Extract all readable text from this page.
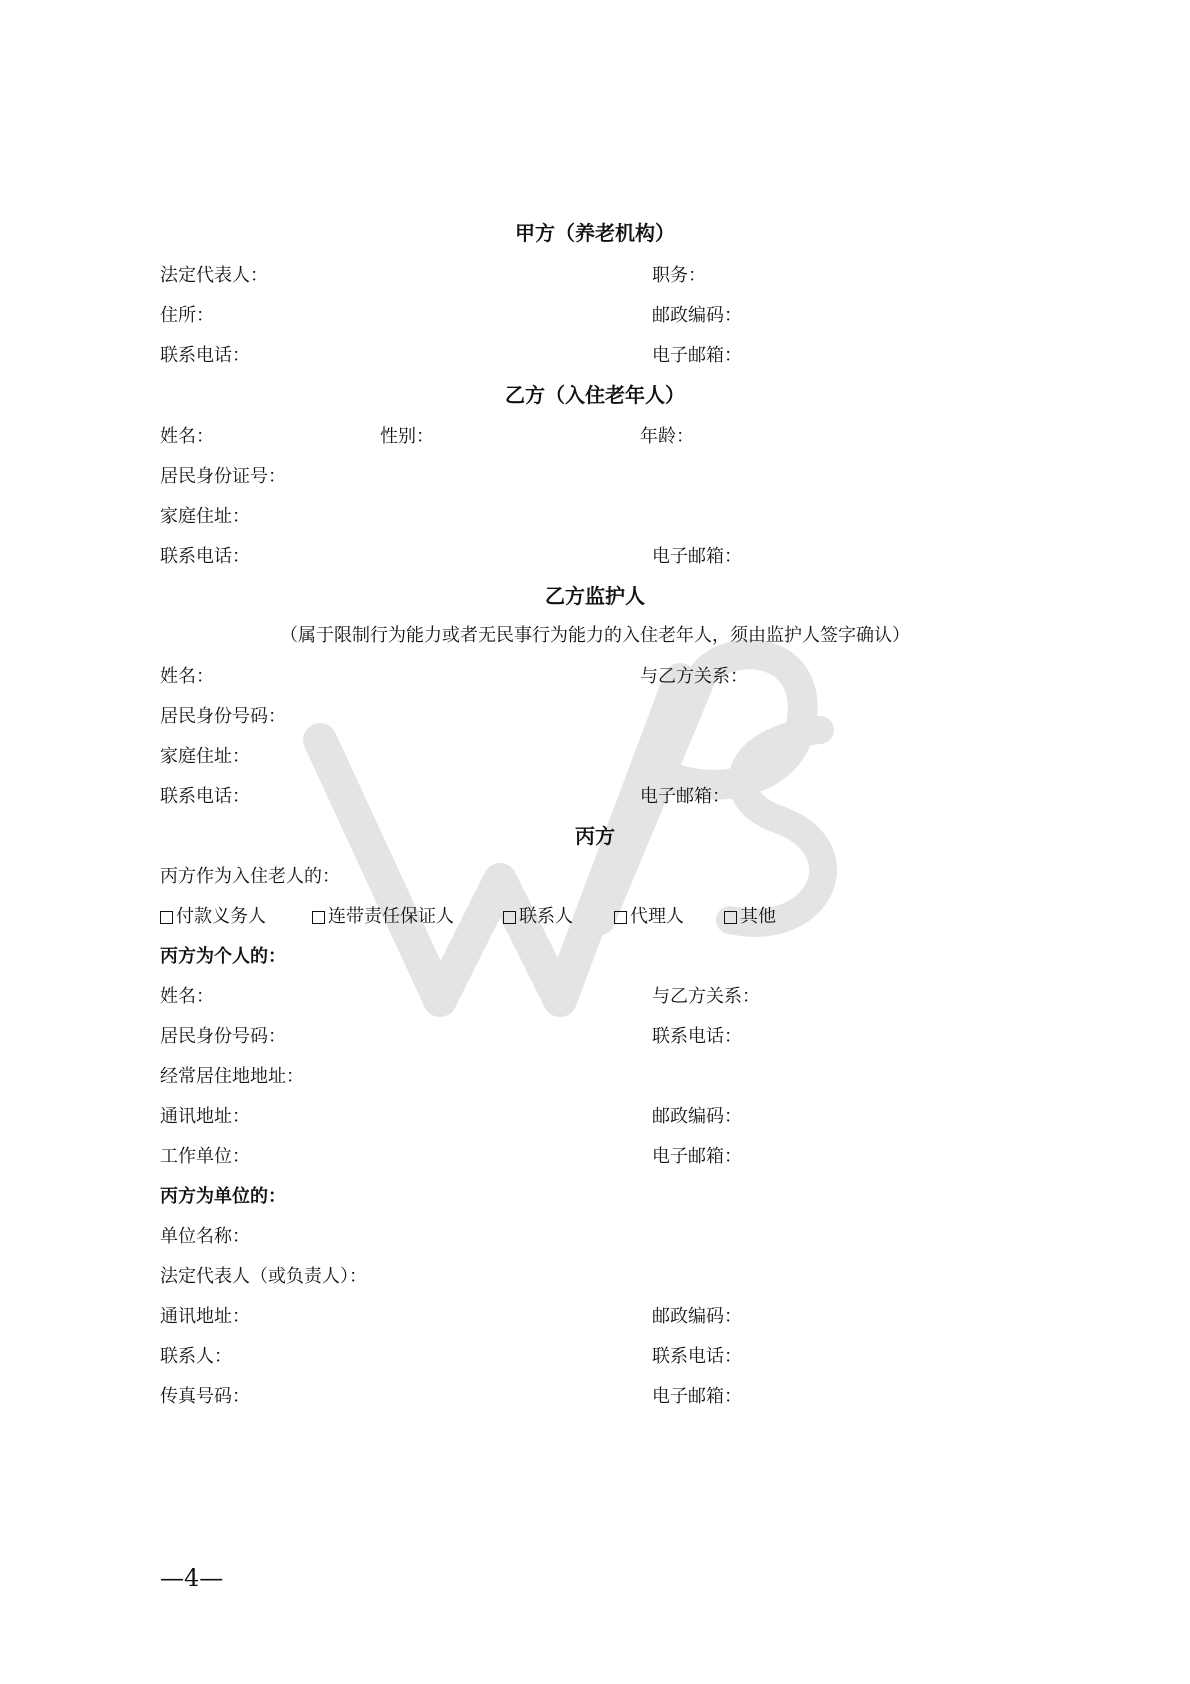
甲方（养老机构）
法定代表人：	职务：
住所：	邮政编码：
联系电话：	电子邮箱：
乙方（入住老年人）
姓名：	性别：	年龄：
居民身份证号：
家庭住址：
联系电话：	电子邮箱：
乙方监护人
（属于限制行为能力或者无民事行为能力的入住老年人，须由监护人签字确认）
姓名：	与乙方关系：
居民身份号码：
家庭住址：
联系电话：	电子邮箱：
丙方
丙方作为入住老人的：
付款义务人	连带责任保证人	联系人	代理人	其他
丙方为个人的：
姓名：	与乙方关系：
居民身份号码：	联系电话：
经常居住地地址：
通讯地址：	邮政编码：
工作单位：	电子邮箱：
丙方为单位的：
单位名称：
法定代表人（或负责人）：
通讯地址：	邮政编码：
联系人：	联系电话：
传真号码：	电子邮箱：
—4—
